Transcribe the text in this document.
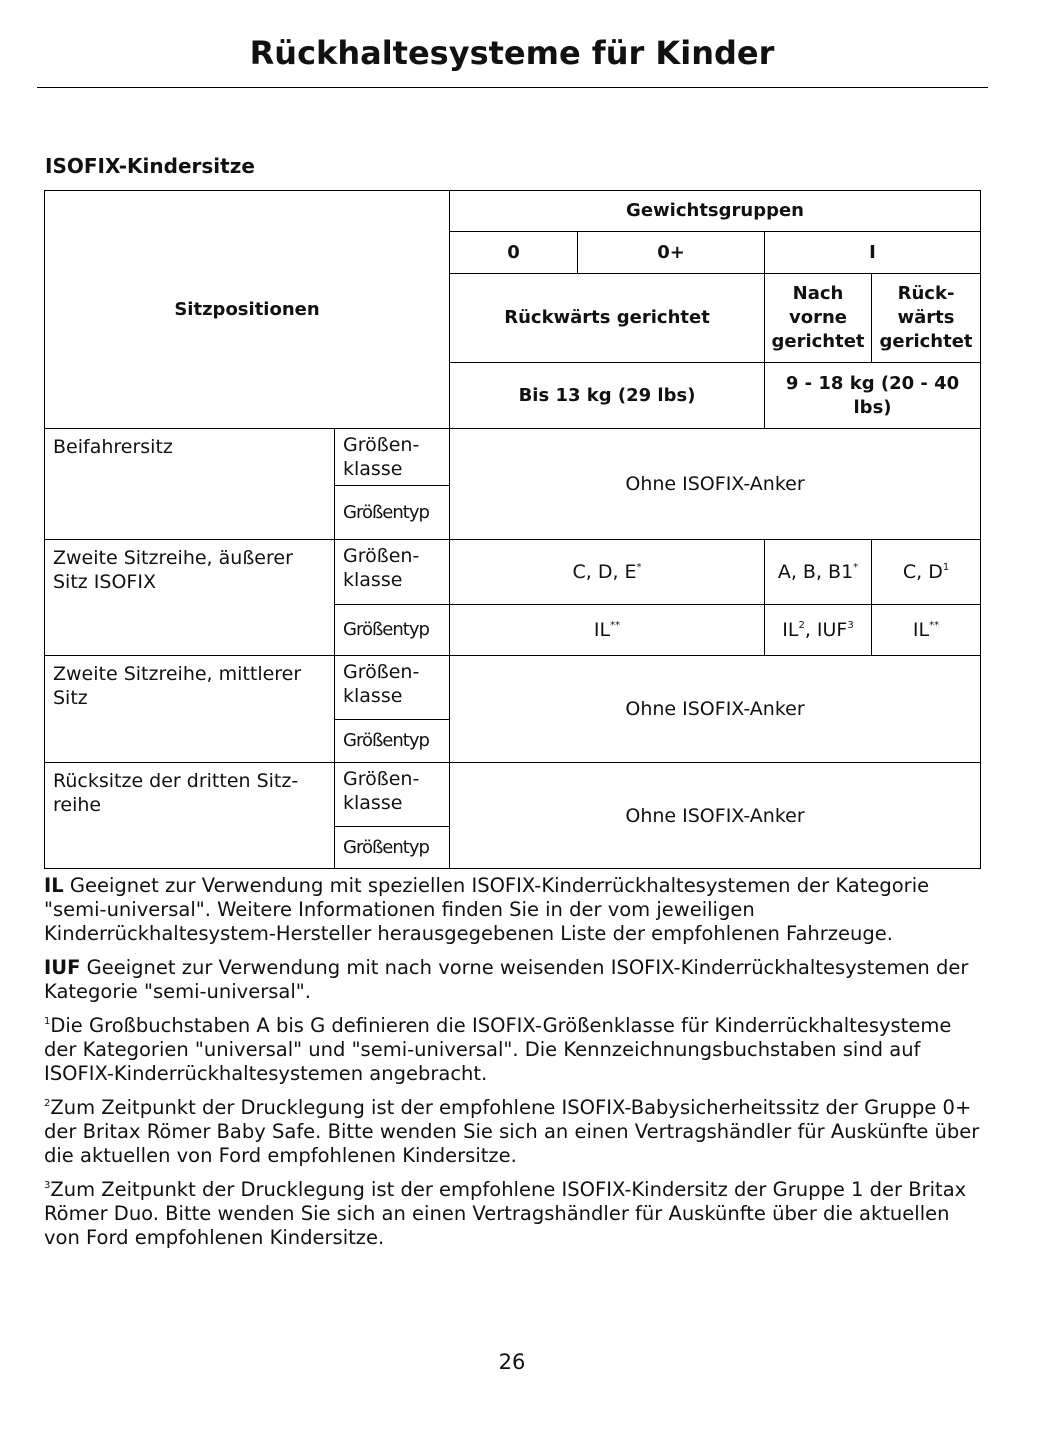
Rückhaltesysteme für Kinder
ISOFIX-Kindersitze
Sitzpositionen		Gewichtsgruppen			
		0	0+	I	
		Rückwärts gerichtet		Nach vorne gerichtet	Rück-wärts gerichtet
		Bis 13 kg (29 lbs)		9 - 18 kg (20 - 40 lbs)	
Beifahrersitz	Größen-klasse	Ohne ISOFIX-Anker			
	Größentyp				
Zweite Sitzreihe, äußerer Sitz ISOFIX	Größen-klasse	C, D, E*		A, B, B1*	C, $D^1$
	Größentyp	IL**		$IL^2$, IUF$^3$	IL**
Zweite Sitzreihe, mittlerer Sitz	Größen-klasse	Ohne ISOFIX-Anker			
	Größentyp				
Rücksitze der dritten Sitz-reihe	Größen-klasse	Ohne ISOFIX-Anker			
	Größentyp				

IL Geeignet zur Verwendung mit speziellen ISOFIX-Kinderrückhaltesystemen der Kategorie "semi-universal". Weitere Informationen finden Sie in der vom jeweiligen Kinderrückhaltesystem-Hersteller herausgegebenen Liste der empfohlenen Fahrzeuge.

IUF Geeignet zur Verwendung mit nach vorne weisenden ISOFIX-Kinderrückhaltesystemen der Kategorie "semi-universal".

$^1$Die Großbuchstaben A bis G definieren die ISOFIX-Größenklasse für Kinderrückhaltesysteme der Kategorien "universal" und "semi-universal". Die Kennzeichnungsbuchstaben sind auf ISOFIX-Kinderrückhaltesystemen angebracht.

$^2$Zum Zeitpunkt der Drucklegung ist der empfohlene ISOFIX-Babysicherheitssitz der Gruppe 0+ der Britax Römer Baby Safe. Bitte wenden Sie sich an einen Vertragshändler für Auskünfte über die aktuellen von Ford empfohlenen Kindersitze.

$^3$Zum Zeitpunkt der Drucklegung ist der empfohlene ISOFIX-Kindersitz der Gruppe 1 der Britax Römer Duo. Bitte wenden Sie sich an einen Vertragshändler für Auskünfte über die aktuellen von Ford empfohlenen Kindersitze.

26
